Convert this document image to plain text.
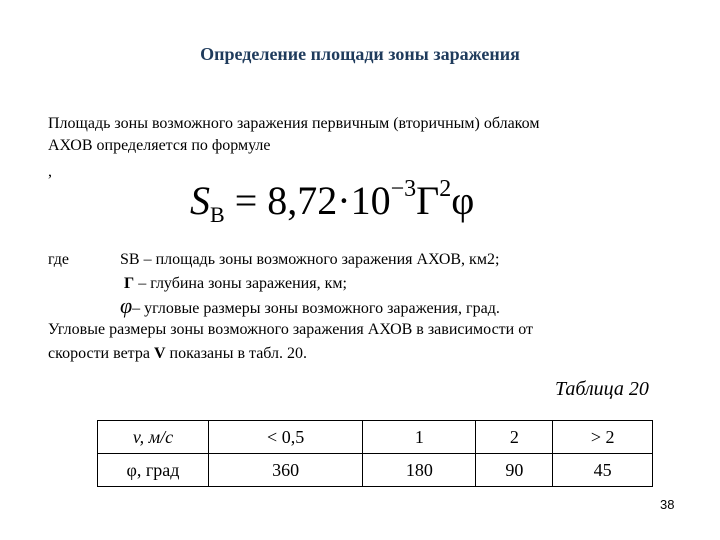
Определение площади зоны заражения
Площадь зоны возможного заражения первичным (вторичным) облаком
АХОВ определяется по формуле
,
$S_В = 8,72\cdot 10^{-3}Г^2\varphi$
где	SВ – площадь зоны возможного заражения АХОВ, км2;
Г – глубина зоны заражения, км;
φ– угловые размеры зоны возможного заражения, град.
Угловые размеры зоны возможного заражения АХОВ в зависимости от
скорости ветра V показаны в табл. 20.
Таблица 20
v, м/с	< 0,5	1	2	> 2
φ, град	360	180	90	45
38
